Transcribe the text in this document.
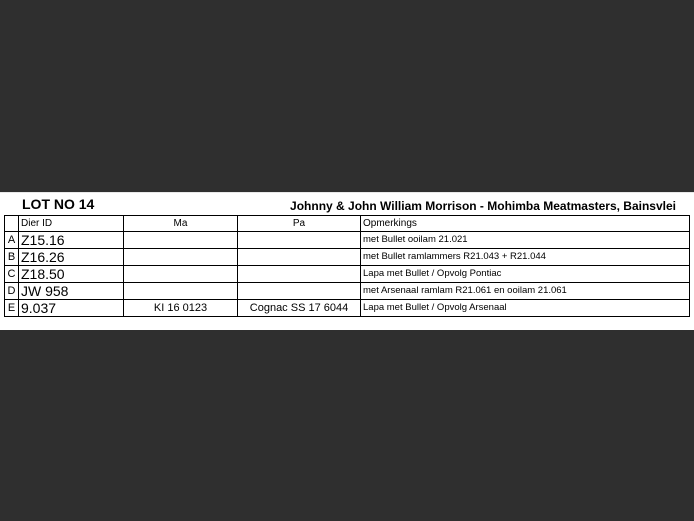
LOT NO 14	Johnny & John William Morrison - Mohimba Meatmasters, Bainsvlei
	Dier ID	Ma	Pa	Opmerkings
A	Z15.16			met Bullet ooilam 21.021
B	Z16.26			met Bullet ramlammers R21.043 + R21.044
C	Z18.50			Lapa met Bullet / Opvolg Pontiac
D	JW 958			met Arsenaal ramlam R21.061 en ooilam 21.061
E	9.037	KI 16 0123	Cognac SS 17 6044	Lapa met Bullet / Opvolg Arsenaal
